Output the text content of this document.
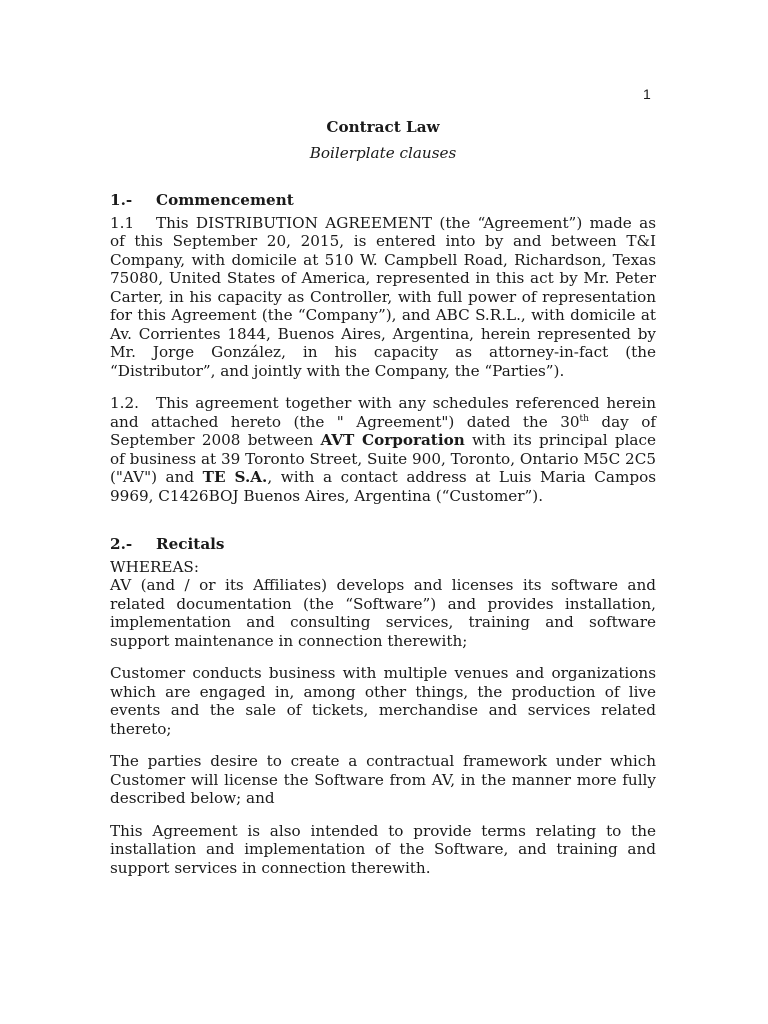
1
Contract Law
Boilerplate clauses
1.-	Commencement

1.1 This DISTRIBUTION AGREEMENT (the “Agreement”) made as of this September 20, 2015, is entered into by and between T&I Company, with domicile at 510 W. Campbell Road, Richardson, Texas 75080, United States of America, represented in this act by Mr. Peter Carter, in his capacity as Controller, with full power of representation for this Agreement (the “Company”), and ABC S.R.L., with domicile at Av. Corrientes 1844, Buenos Aires, Argentina, herein represented by Mr. Jorge González, in his capacity as attorney-in-fact (the “Distributor”, and jointly with the Company, the “Parties”).

1.2. This agreement together with any schedules referenced herein and attached hereto (the " Agreement") dated the 30th day of September 2008 between AVT Corporation with its principal place of business at 39 Toronto Street, Suite 900, Toronto, Ontario M5C 2C5 ("AV") and TE S.A., with a contact address at Luis Maria Campos 9969, C1426BOJ Buenos Aires, Argentina (“Customer”).

2.-	Recitals

WHEREAS:

AV (and / or its Affiliates) develops and licenses its software and related documentation (the “Software”) and provides installation, implementation and consulting services, training and software support maintenance in connection therewith;

Customer conducts business with multiple venues and organizations which are engaged in, among other things, the production of live events and the sale of tickets, merchandise and services related thereto;

The parties desire to create a contractual framework under which Customer will license the Software from AV, in the manner more fully described below; and

This Agreement is also intended to provide terms relating to the installation and implementation of the Software, and training and support services in connection therewith.
